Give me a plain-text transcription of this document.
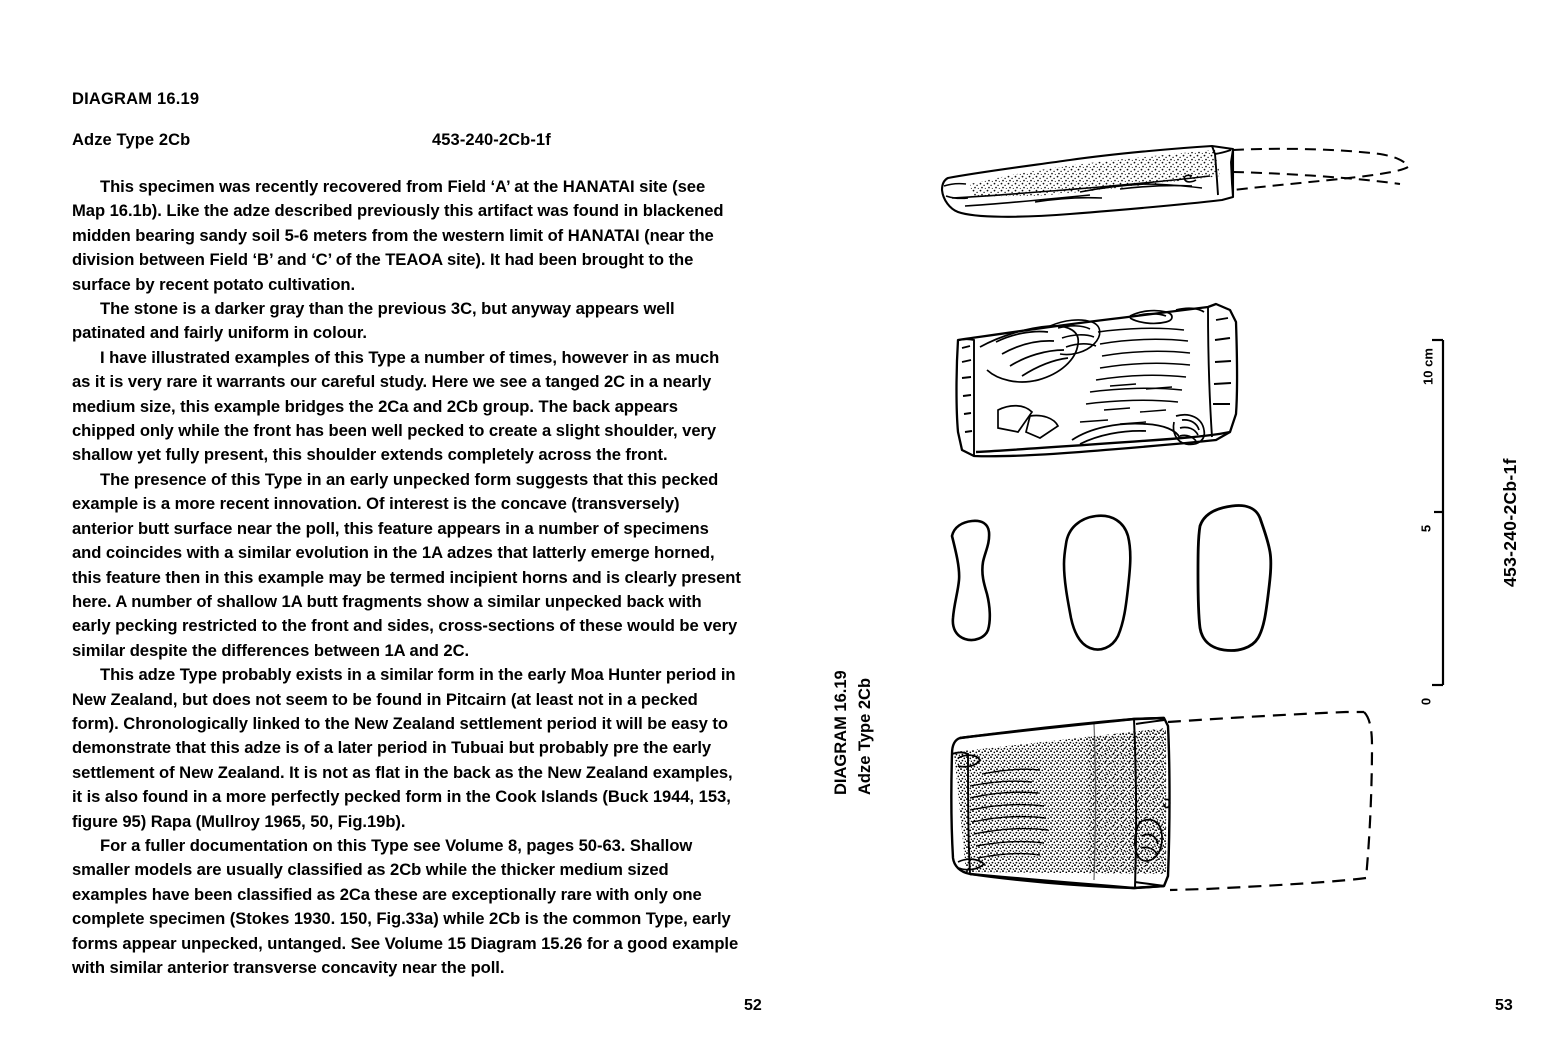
DIAGRAM 16.19
Adze Type 2Cb	453-240-2Cb-1f

This specimen was recently recovered from Field ‘A’ at the HANATAI site (see Map 16.1b). Like the adze described previously this artifact was found in blackened midden bearing sandy soil 5-6 meters from the western limit of HANATAI (near the division between Field ‘B’ and ‘C’ of the TEAOA site). It had been brought to the surface by recent potato cultivation.

The stone is a darker gray than the previous 3C, but anyway appears well patinated and fairly uniform in colour.

I have illustrated examples of this Type a number of times, however in as much as it is very rare it warrants our careful study. Here we see a tanged 2C in a nearly medium size, this example bridges the 2Ca and 2Cb group. The back appears chipped only while the front has been well pecked to create a slight shoulder, very shallow yet fully present, this shoulder extends completely across the front.

The presence of this Type in an early unpecked form suggests that this pecked example is a more recent innovation. Of interest is the concave (transversely) anterior butt surface near the poll, this feature appears in a number of specimens and coincides with a similar evolution in the 1A adzes that latterly emerge horned, this feature then in this example may be termed incipient horns and is clearly present here. A number of shallow 1A butt fragments show a similar unpecked back with early pecking restricted to the front and sides, cross-sections of these would be very similar despite the differences between 1A and 2C.

This adze Type probably exists in a similar form in the early Moa Hunter period in New Zealand, but does not seem to be found in Pitcairn (at least not in a pecked form). Chronologically linked to the New Zealand settlement period it will be easy to demonstrate that this adze is of a later period in Tubuai but probably pre the early settlement of New Zealand. It is not as flat in the back as the New Zealand examples, it is also found in a more perfectly pecked form in the Cook Islands (Buck 1944, 153, figure 95) Rapa (Mullroy 1965, 50, Fig.19b).

For a fuller documentation on this Type see Volume 8, pages 50-63. Shallow smaller models are usually classified as 2Cb while the thicker medium sized examples have been classified as 2Ca these are exceptionally rare with only one complete specimen (Stokes 1930. 150, Fig.33a) while 2Cb is the common Type, early forms appear unpecked, untanged. See Volume 15 Diagram 15.26 for a good example with similar anterior transverse concavity near the poll.

52
DIAGRAM 16.19 Adze Type 2Cb
453-240-2Cb-1f
10 cm
5
0
53
